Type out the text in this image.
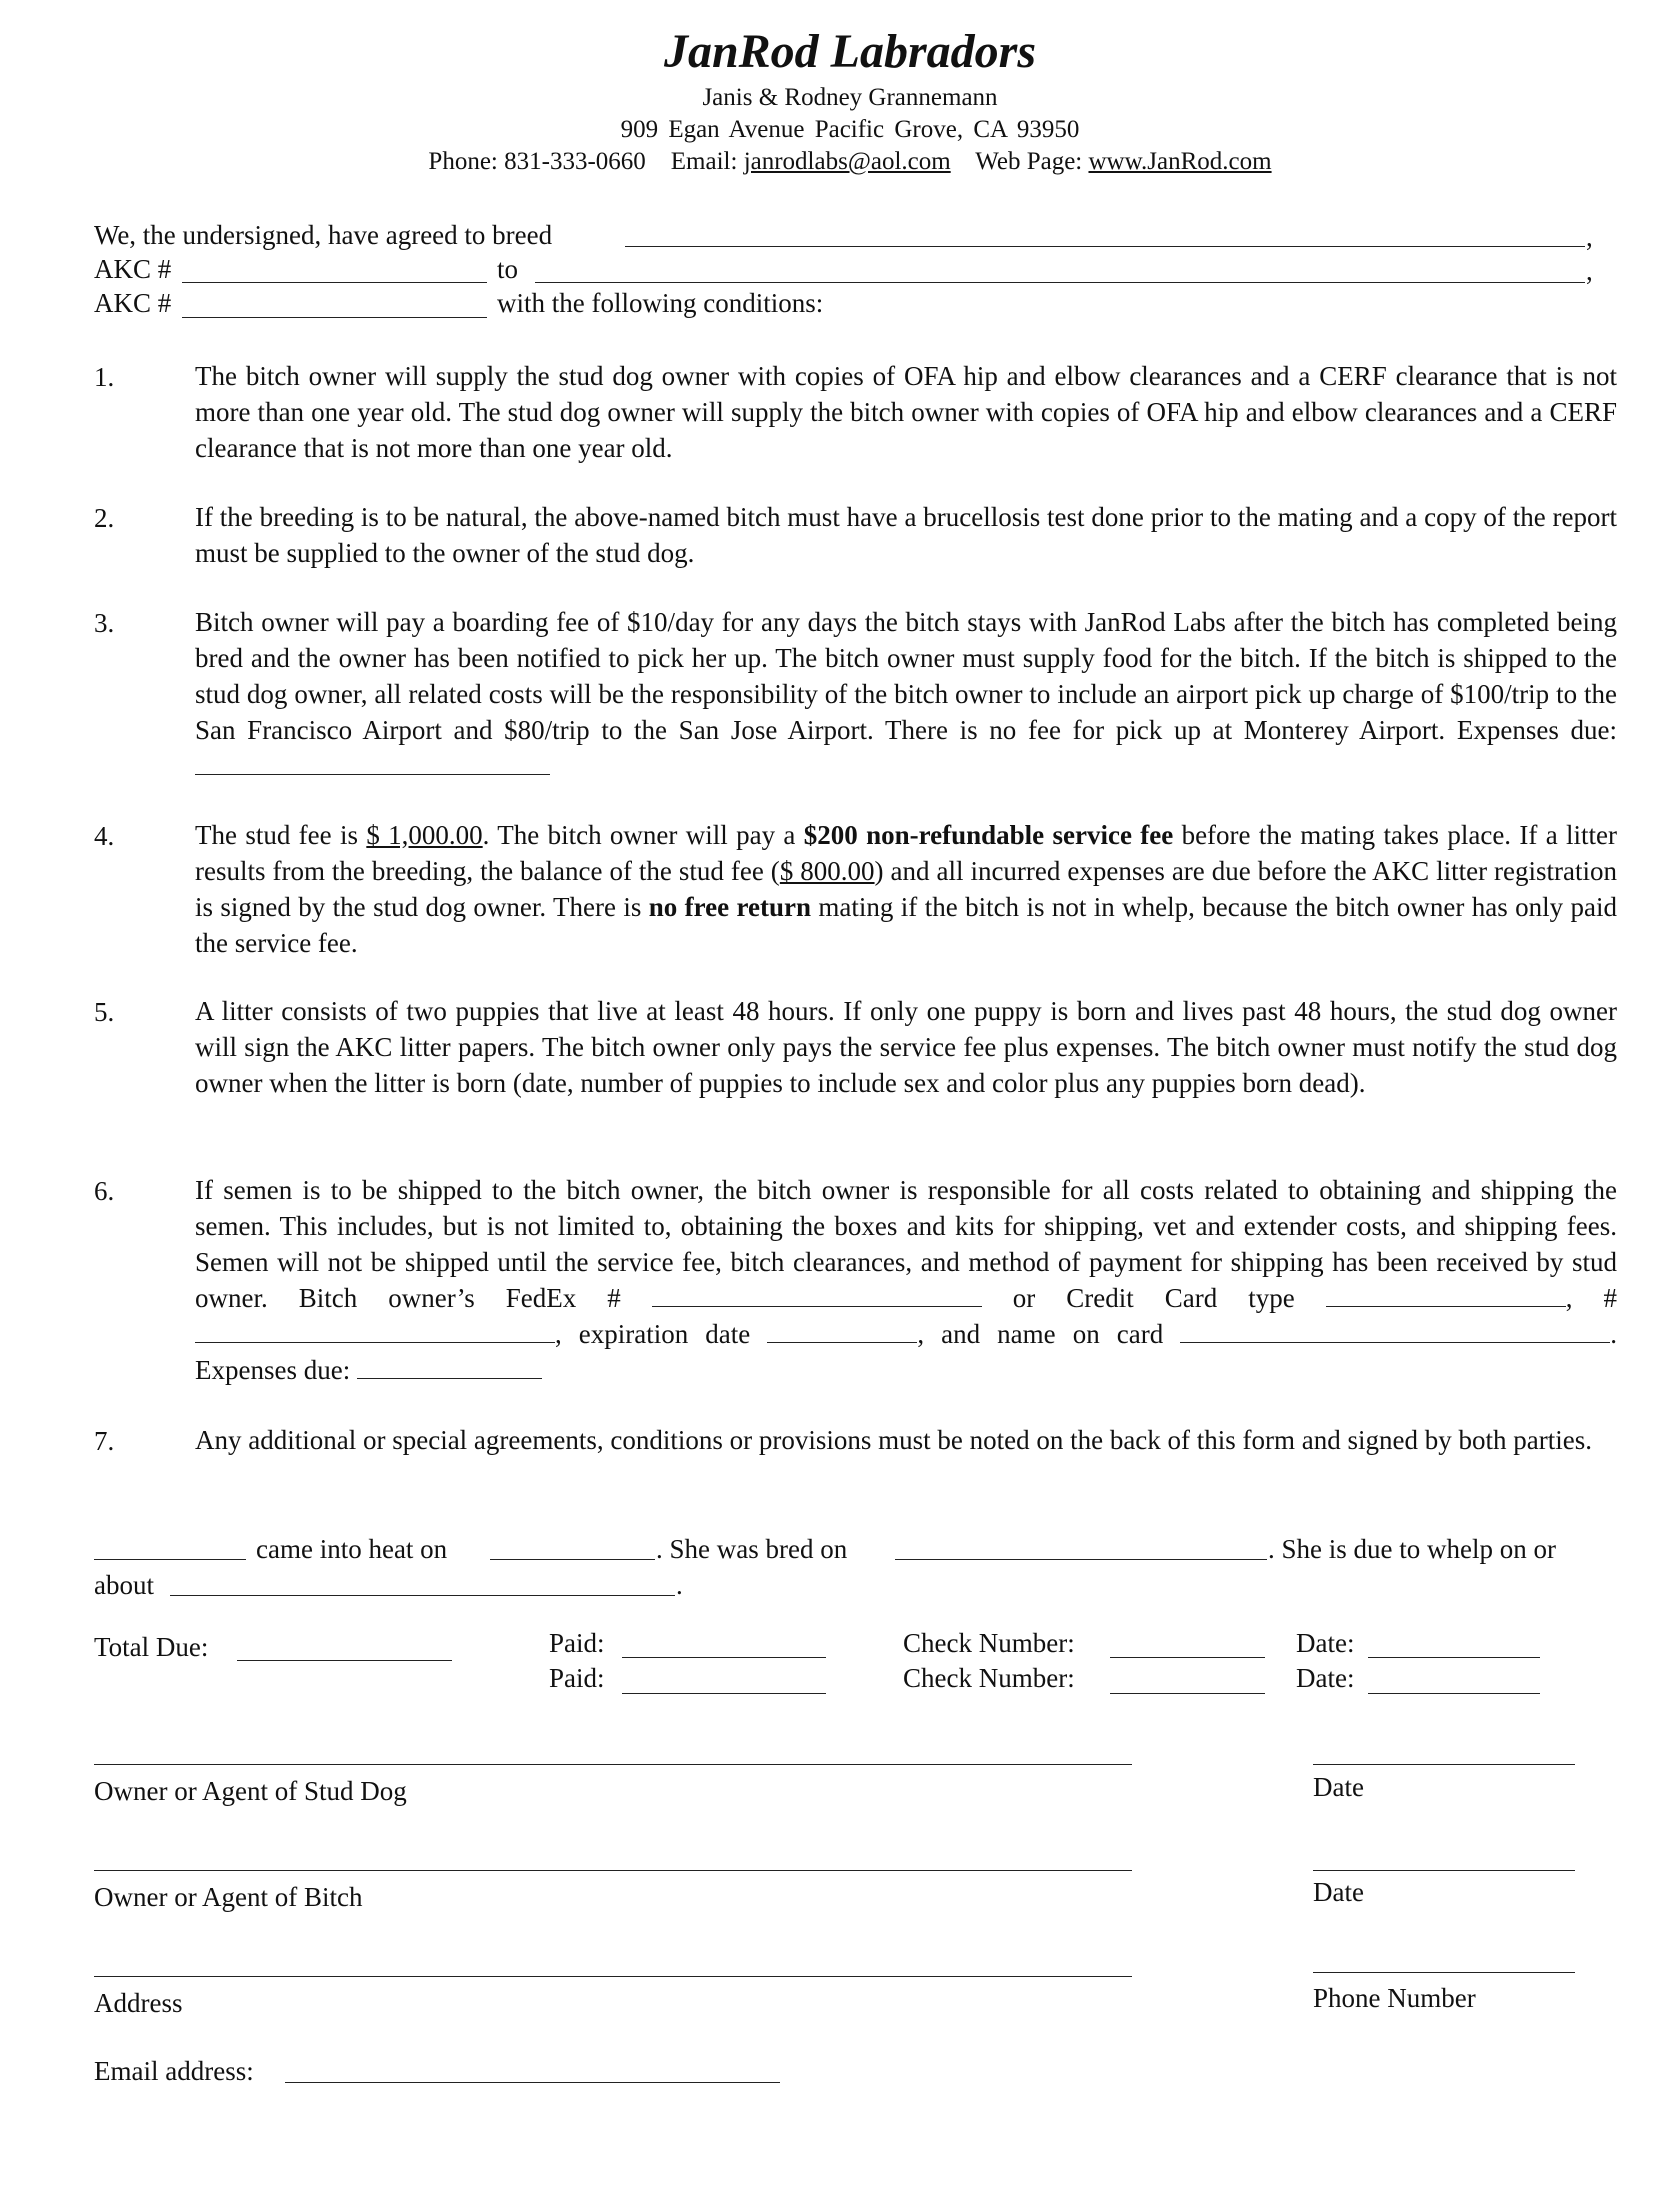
JanRod Labradors
Janis & Rodney Grannemann
909 Egan Avenue Pacific Grove, CA 93950
Phone: 831-333-0660 Email: janrodlabs@aol.com Web Page: www.JanRod.com
We, the undersigned, have agreed to breed	,
AKC #	to	,
AKC #	with the following conditions:
1.	The bitch owner will supply the stud dog owner with copies of OFA hip and elbow clearances and a CERF clearance that is not more than one year old. The stud dog owner will supply the bitch owner with copies of OFA hip and elbow clearances and a CERF clearance that is not more than one year old.
2.	If the breeding is to be natural, the above-named bitch must have a brucellosis test done prior to the mating and a copy of the report must be supplied to the owner of the stud dog.
3.	Bitch owner will pay a boarding fee of $10/day for any days the bitch stays with JanRod Labs after the bitch has completed being bred and the owner has been notified to pick her up. The bitch owner must supply food for the bitch. If the bitch is shipped to the stud dog owner, all related costs will be the responsibility of the bitch owner to include an airport pick up charge of $100/trip to the San Francisco Airport and $80/trip to the San Jose Airport. There is no fee for pick up at Monterey Airport. Expenses due:
4.	The stud fee is $ 1,000.00. The bitch owner will pay a $200 non-refundable service fee before the mating takes place. If a litter results from the breeding, the balance of the stud fee ($ 800.00) and all incurred expenses are due before the AKC litter registration is signed by the stud dog owner. There is no free return mating if the bitch is not in whelp, because the bitch owner has only paid the service fee.
5.	A litter consists of two puppies that live at least 48 hours. If only one puppy is born and lives past 48 hours, the stud dog owner will sign the AKC litter papers. The bitch owner only pays the service fee plus expenses. The bitch owner must notify the stud dog owner when the litter is born (date, number of puppies to include sex and color plus any puppies born dead).
6.	If semen is to be shipped to the bitch owner, the bitch owner is responsible for all costs related to obtaining and shipping the semen. This includes, but is not limited to, obtaining the boxes and kits for shipping, vet and extender costs, and shipping fees. Semen will not be shipped until the service fee, bitch clearances, and method of payment for shipping has been received by stud owner. Bitch owner’s FedEx #	or Credit Card type	, #, expiration date	, and name on card	. Expenses due:
7.	Any additional or special agreements, conditions or provisions must be noted on the back of this form and signed by both parties.
came into heat on	. She was bred on	. She is due to whelp on or
about	.
Total Due:	Paid:	Check Number:	Date:
Paid:	Check Number:	Date:
Owner or Agent of Stud Dog	Date
Owner or Agent of Bitch	Date
Address	Phone Number
Email address:
